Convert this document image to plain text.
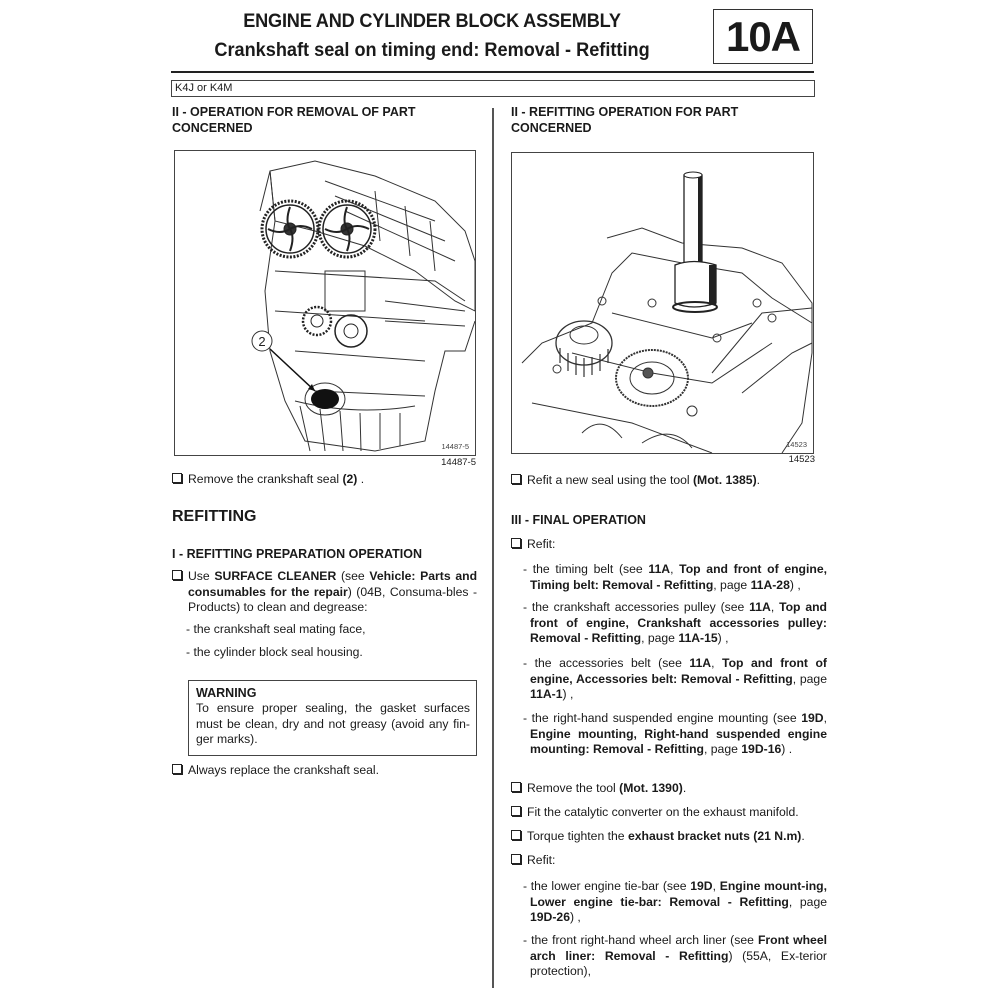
ENGINE AND CYLINDER BLOCK ASSEMBLY
Crankshaft seal on timing end: Removal - Refitting	10A
K4J or K4M
II - OPERATION FOR REMOVAL OF PART
CONCERNED
2
14487-5
14487-5
Remove the crankshaft seal (2) .
REFITTING
I - REFITTING PREPARATION OPERATION
Use SURFACE CLEANER (see Vehicle: Parts and consumables for the repair) (04B, Consuma-bles - Products) to clean and degrease:
- the crankshaft seal mating face,
- the cylinder block seal housing.
WARNING
To ensure proper sealing, the gasket surfaces must be clean, dry and not greasy (avoid any fin-ger marks).
Always replace the crankshaft seal.
II - REFITTING OPERATION FOR PART
CONCERNED
14523
14523
Refit a new seal using the tool (Mot. 1385).
III - FINAL OPERATION
Refit:
- the timing belt (see 11A, Top and front of engine, Timing belt: Removal - Refitting, page 11A-28) ,
- the crankshaft accessories pulley (see 11A, Top and front of engine, Crankshaft accessories pulley: Removal - Refitting, page 11A-15) ,
- the accessories belt (see 11A, Top and front of engine, Accessories belt: Removal - Refitting, page 11A-1) ,
- the right-hand suspended engine mounting (see 19D, Engine mounting, Right-hand suspended engine mounting: Removal - Refitting, page 19D-16) .
Remove the tool (Mot. 1390).
Fit the catalytic converter on the exhaust manifold.
Torque tighten the exhaust bracket nuts (21 N.m).
Refit:
- the lower engine tie-bar (see 19D, Engine mount-ing, Lower engine tie-bar: Removal - Refitting, page 19D-26) ,
- the front right-hand wheel arch liner (see Front wheel arch liner: Removal - Refitting) (55A, Ex-terior protection),
